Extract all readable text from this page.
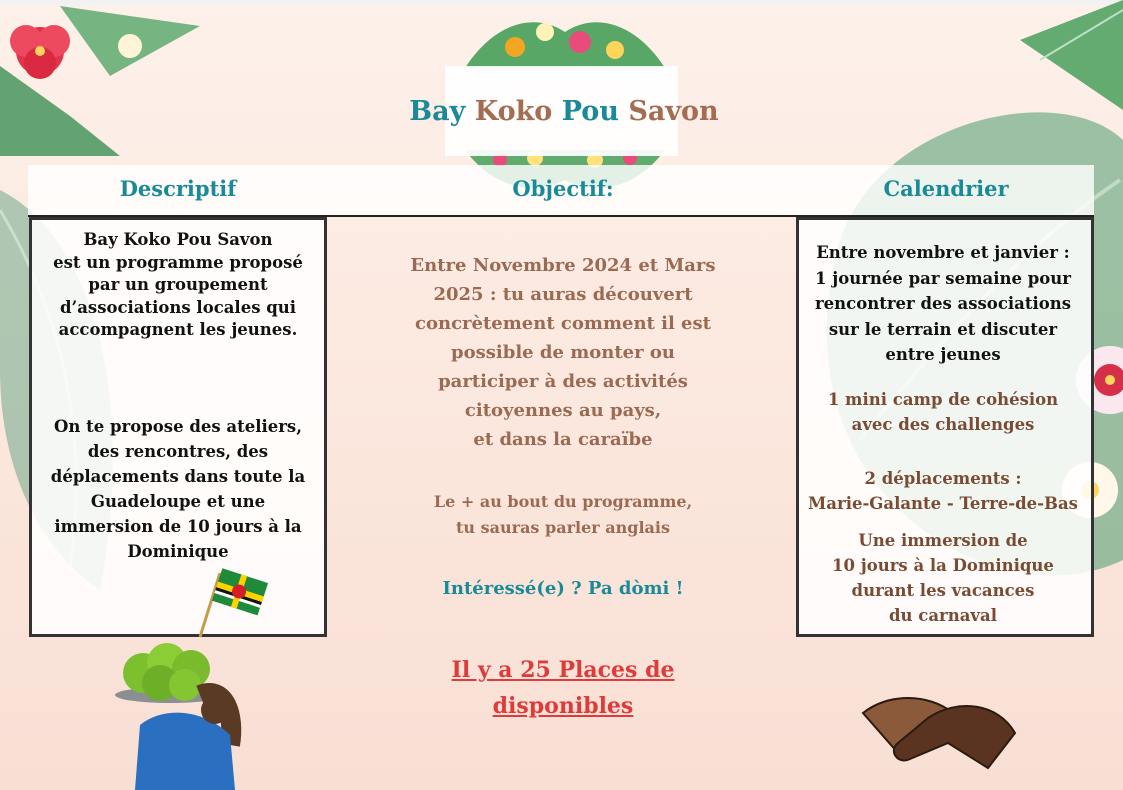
Bay Koko Pou Savon
Descriptif	Objectif:	Calendrier
Bay Koko Pou Savon
est un programme proposé
par un groupement
d’associations locales qui
accompagnent les jeunes.
On te propose des ateliers,
des rencontres, des
déplacements dans toute la
Guadeloupe et une
immersion de 10 jours à la
Dominique
Entre Novembre 2024 et Mars
2025 : tu auras découvert
concrètement comment il est
possible de monter ou
participer à des activités
citoyennes au pays,
et dans la caraïbe
Le + au bout du programme,
tu sauras parler anglais
Intéressé(e) ? Pa dòmi !
Il y a 25 Places de
disponibles
Entre novembre et janvier :
1 journée par semaine pour
rencontrer des associations
sur le terrain et discuter
entre jeunes
1 mini camp de cohésion
avec des challenges
2 déplacements :
Marie-Galante - Terre-de-Bas
Une immersion de
10 jours à la Dominique
durant les vacances
du carnaval
